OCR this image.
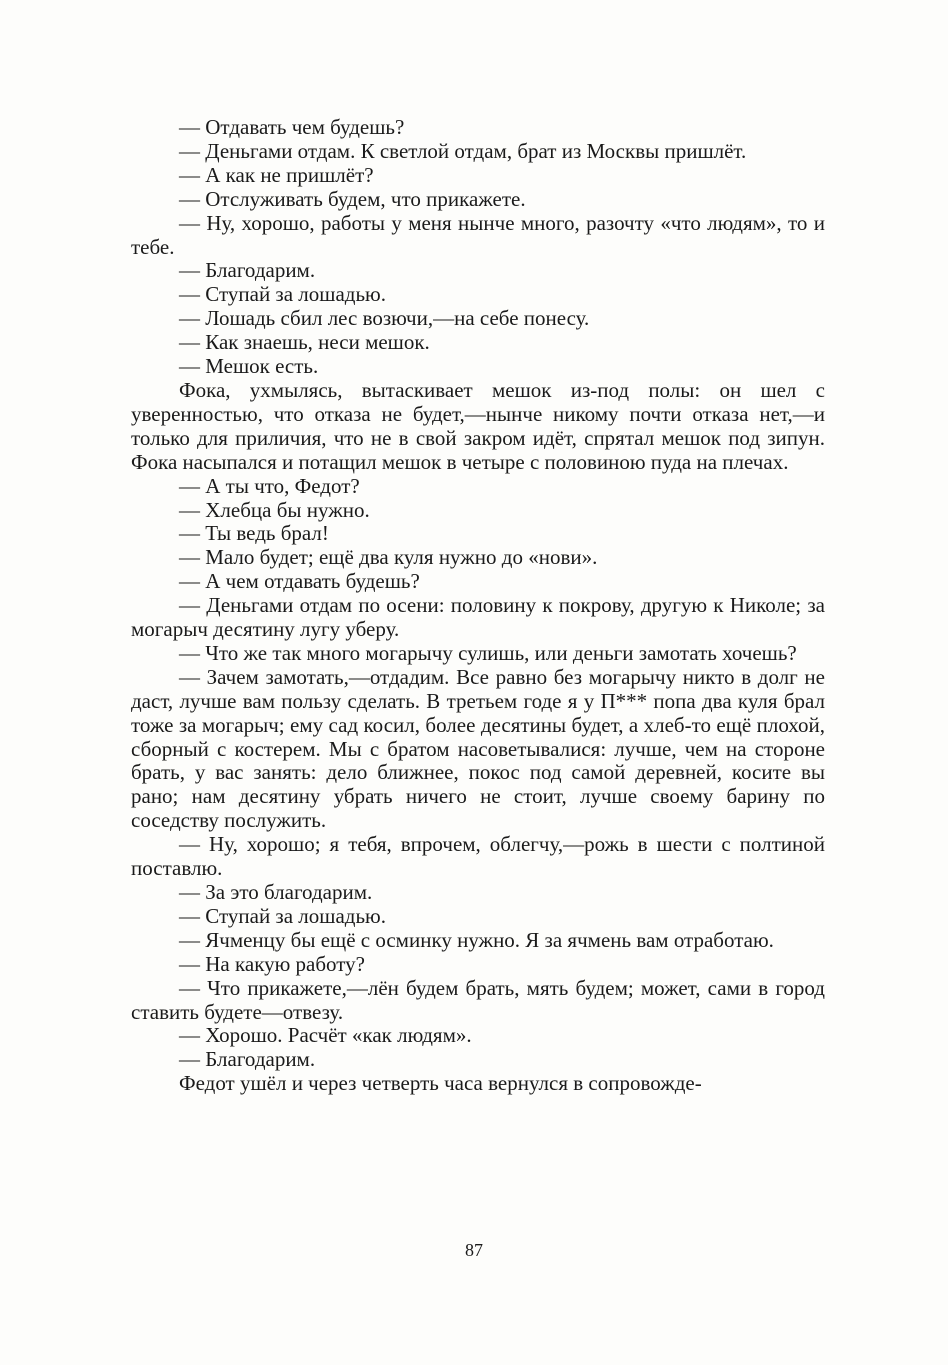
— Отдавать чем будешь?

— Деньгами отдам. К светлой отдам, брат из Москвы пришлёт.

— А как не пришлёт?

— Отслуживать будем, что прикажете.

— Ну, хорошо, работы у меня нынче много, разочту «что людям», то и тебе.

— Благодарим.

— Ступай за лошадью.

— Лошадь сбил лес возючи,—на себе понесу.

— Как знаешь, неси мешок.

— Мешок есть.

Фока, ухмылясь, вытаскивает мешок из-под полы: он шел с уверенностью, что отказа не будет,—нынче никому почти отказа нет,—и только для приличия, что не в свой закром идёт, спрятал мешок под зипун. Фока насыпался и потащил мешок в четыре с половиною пуда на плечах.

— А ты что, Федот?

— Хлебца бы нужно.

— Ты ведь брал!

— Мало будет; ещё два куля нужно до «нови».

— А чем отдавать будешь?

— Деньгами отдам по осени: половину к покрову, другую к Николе; за могарыч десятину лугу уберу.

— Что же так много могарычу сулишь, или деньги замотать хочешь?

— Зачем замотать,—отдадим. Все равно без могарычу никто в долг не даст, лучше вам пользу сделать. В третьем годе я у П*** попа два куля брал тоже за могарыч; ему сад косил, более десятины будет, а хлеб-то ещё плохой, сборный с костерем. Мы с братом насоветывалися: лучше, чем на стороне брать, у вас занять: дело ближнее, покос под самой деревней, косите вы рано; нам десятину убрать ничего не стоит, лучше своему барину по соседству послужить.

— Ну, хорошо; я тебя, впрочем, облегчу,—рожь в шести с полтиной поставлю.

— За это благодарим.

— Ступай за лошадью.

— Ячменцу бы ещё с осминку нужно. Я за ячмень вам отработаю.

— На какую работу?

— Что прикажете,—лён будем брать, мять будем; может, сами в город ставить будете—отвезу.

— Хорошо. Расчёт «как людям».

— Благодарим.

Федот ушёл и через четверть часа вернулся в сопровожде-

87
